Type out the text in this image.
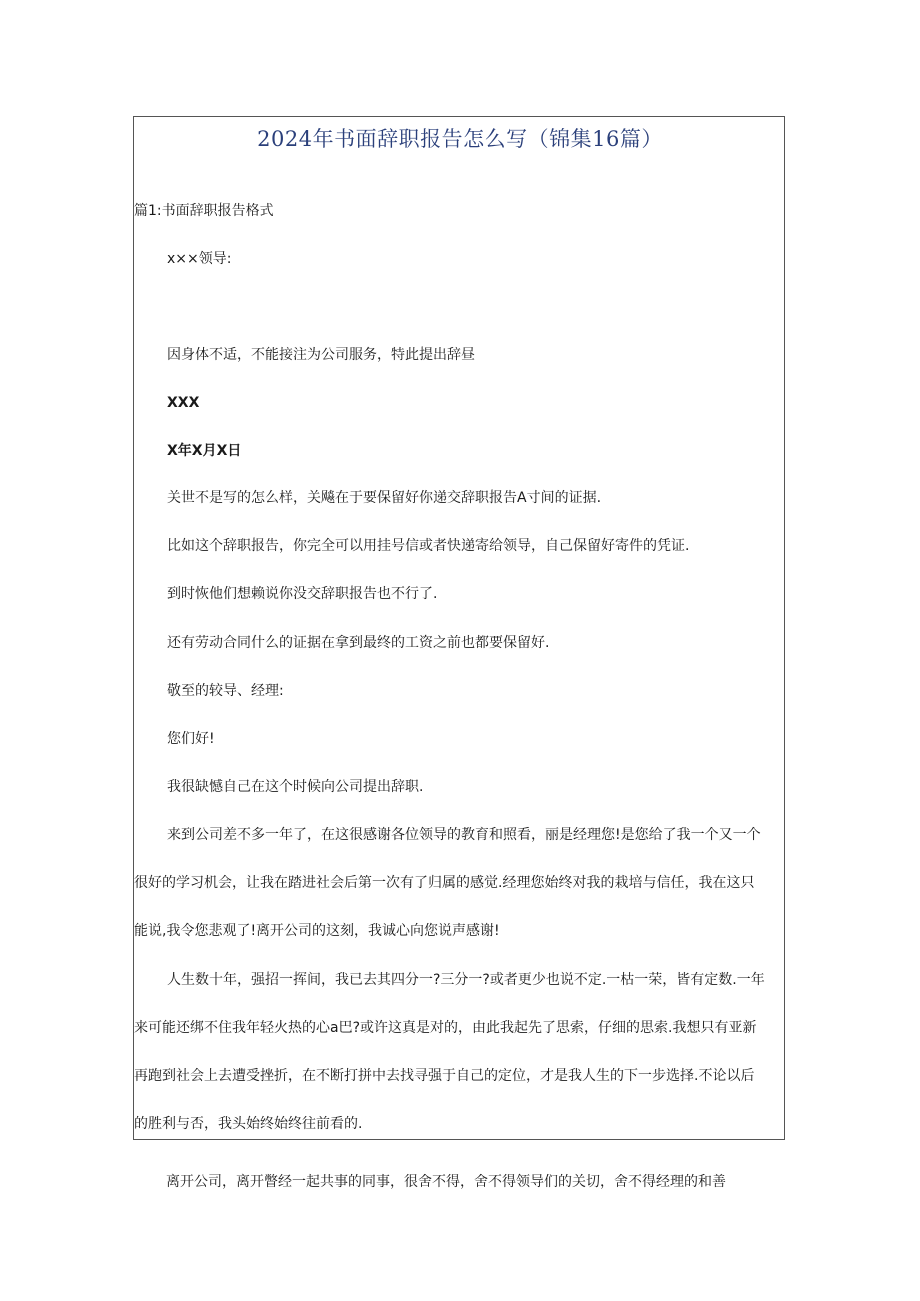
2024年书面辞职报告怎么写（锦集16篇）
篇1:书面辞职报告格式
x××领导:
因身体不适，不能接注为公司服务，特此提出辞昼
XXX
X年X月X日
关世不是写的怎么样，关飚在于要保留好你递交辞职报告A寸间的证据.
比如这个辞职报告，你完全可以用挂号信或者快递寄给领导，自己保留好寄件的凭证.
到时恢他们想赖说你没交辞职报告也不行了.
还有劳动合同什么的证据在拿到最终的工资之前也都要保留好.
敬至的较导、经理:
您们好!
我很缺憾自己在这个时候向公司提出辞职.
来到公司差不多一年了，在这很感谢各位领导的教育和照看，丽是经理您!是您给了我一个又一个
很好的学习机会，让我在踏进社会后第一次有了归属的感觉.经理您始终对我的栽培与信任，我在这只
能说,我令您悲观了!离开公司的这刻，我诚心向您说声感谢!
人生数十年，强招一挥间，我已去其四分一?三分一?或者更少也说不定.一枯一荣，皆有定数.一年
来可能还绑不住我年轻火热的心a巴?或许这真是对的，由此我起先了思索，仔细的思索.我想只有亚新
再跑到社会上去遭受挫折，在不断打拼中去找寻强于自己的定位，才是我人生的下一步选择.不论以后
的胜利与否，我头始终始终往前看的.
离开公司，离开瞥经一起共事的同事，很舍不得，舍不得领导们的关切，舍不得经理的和善
